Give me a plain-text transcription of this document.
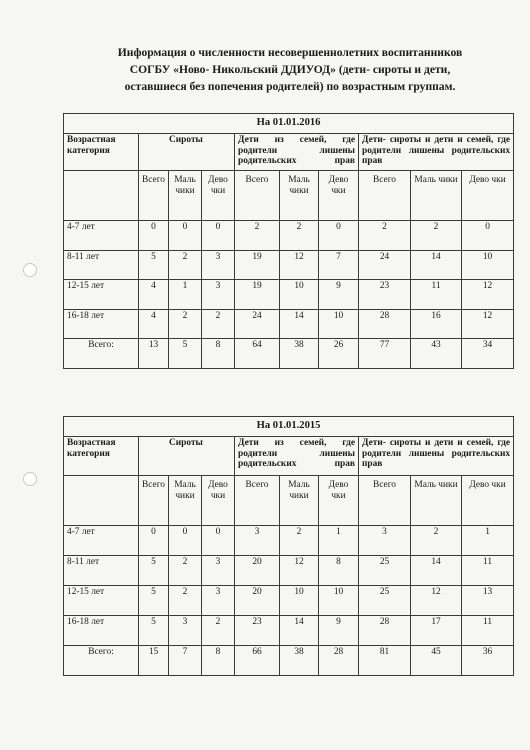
Информация о численности несовершеннолетних воспитанников
СОГБУ «Ново- Никольский ДДИУОД» (дети- сироты и дети,
оставшиеся без попечения родителей) по возрастным группам.
На 01.01.2016									
Возрастная категория	Сироты			Дети из семей, где родители лишены родительских прав			Дети- сироты и дети и семей, где родители лишены родительских прав		
	Всего	Маль чики	Дево чки	Всего	Маль чики	Дево чки	Всего	Маль чики	Дево чки
4-7 лет	0	0	0	2	2	0	2	2	0
8-11 лет	5	2	3	19	12	7	24	14	10
12-15 лет	4	1	3	19	10	9	23	11	12
16-18 лет	4	2	2	24	14	10	28	16	12
Всего:	13	5	8	64	38	26	77	43	34
На 01.01.2015									
Возрастная категория	Сироты			Дети из семей, где родители лишены родительских прав			Дети- сироты и дети и семей, где родители лишены родительских прав		
	Всего	Маль чики	Дево чки	Всего	Маль чики	Дево чки	Всего	Маль чики	Дево чки
4-7 лет	0	0	0	3	2	1	3	2	1
8-11 лет	5	2	3	20	12	8	25	14	11
12-15 лет	5	2	3	20	10	10	25	12	13
16-18 лет	5	3	2	23	14	9	28	17	11
Всего:	15	7	8	66	38	28	81	45	36
